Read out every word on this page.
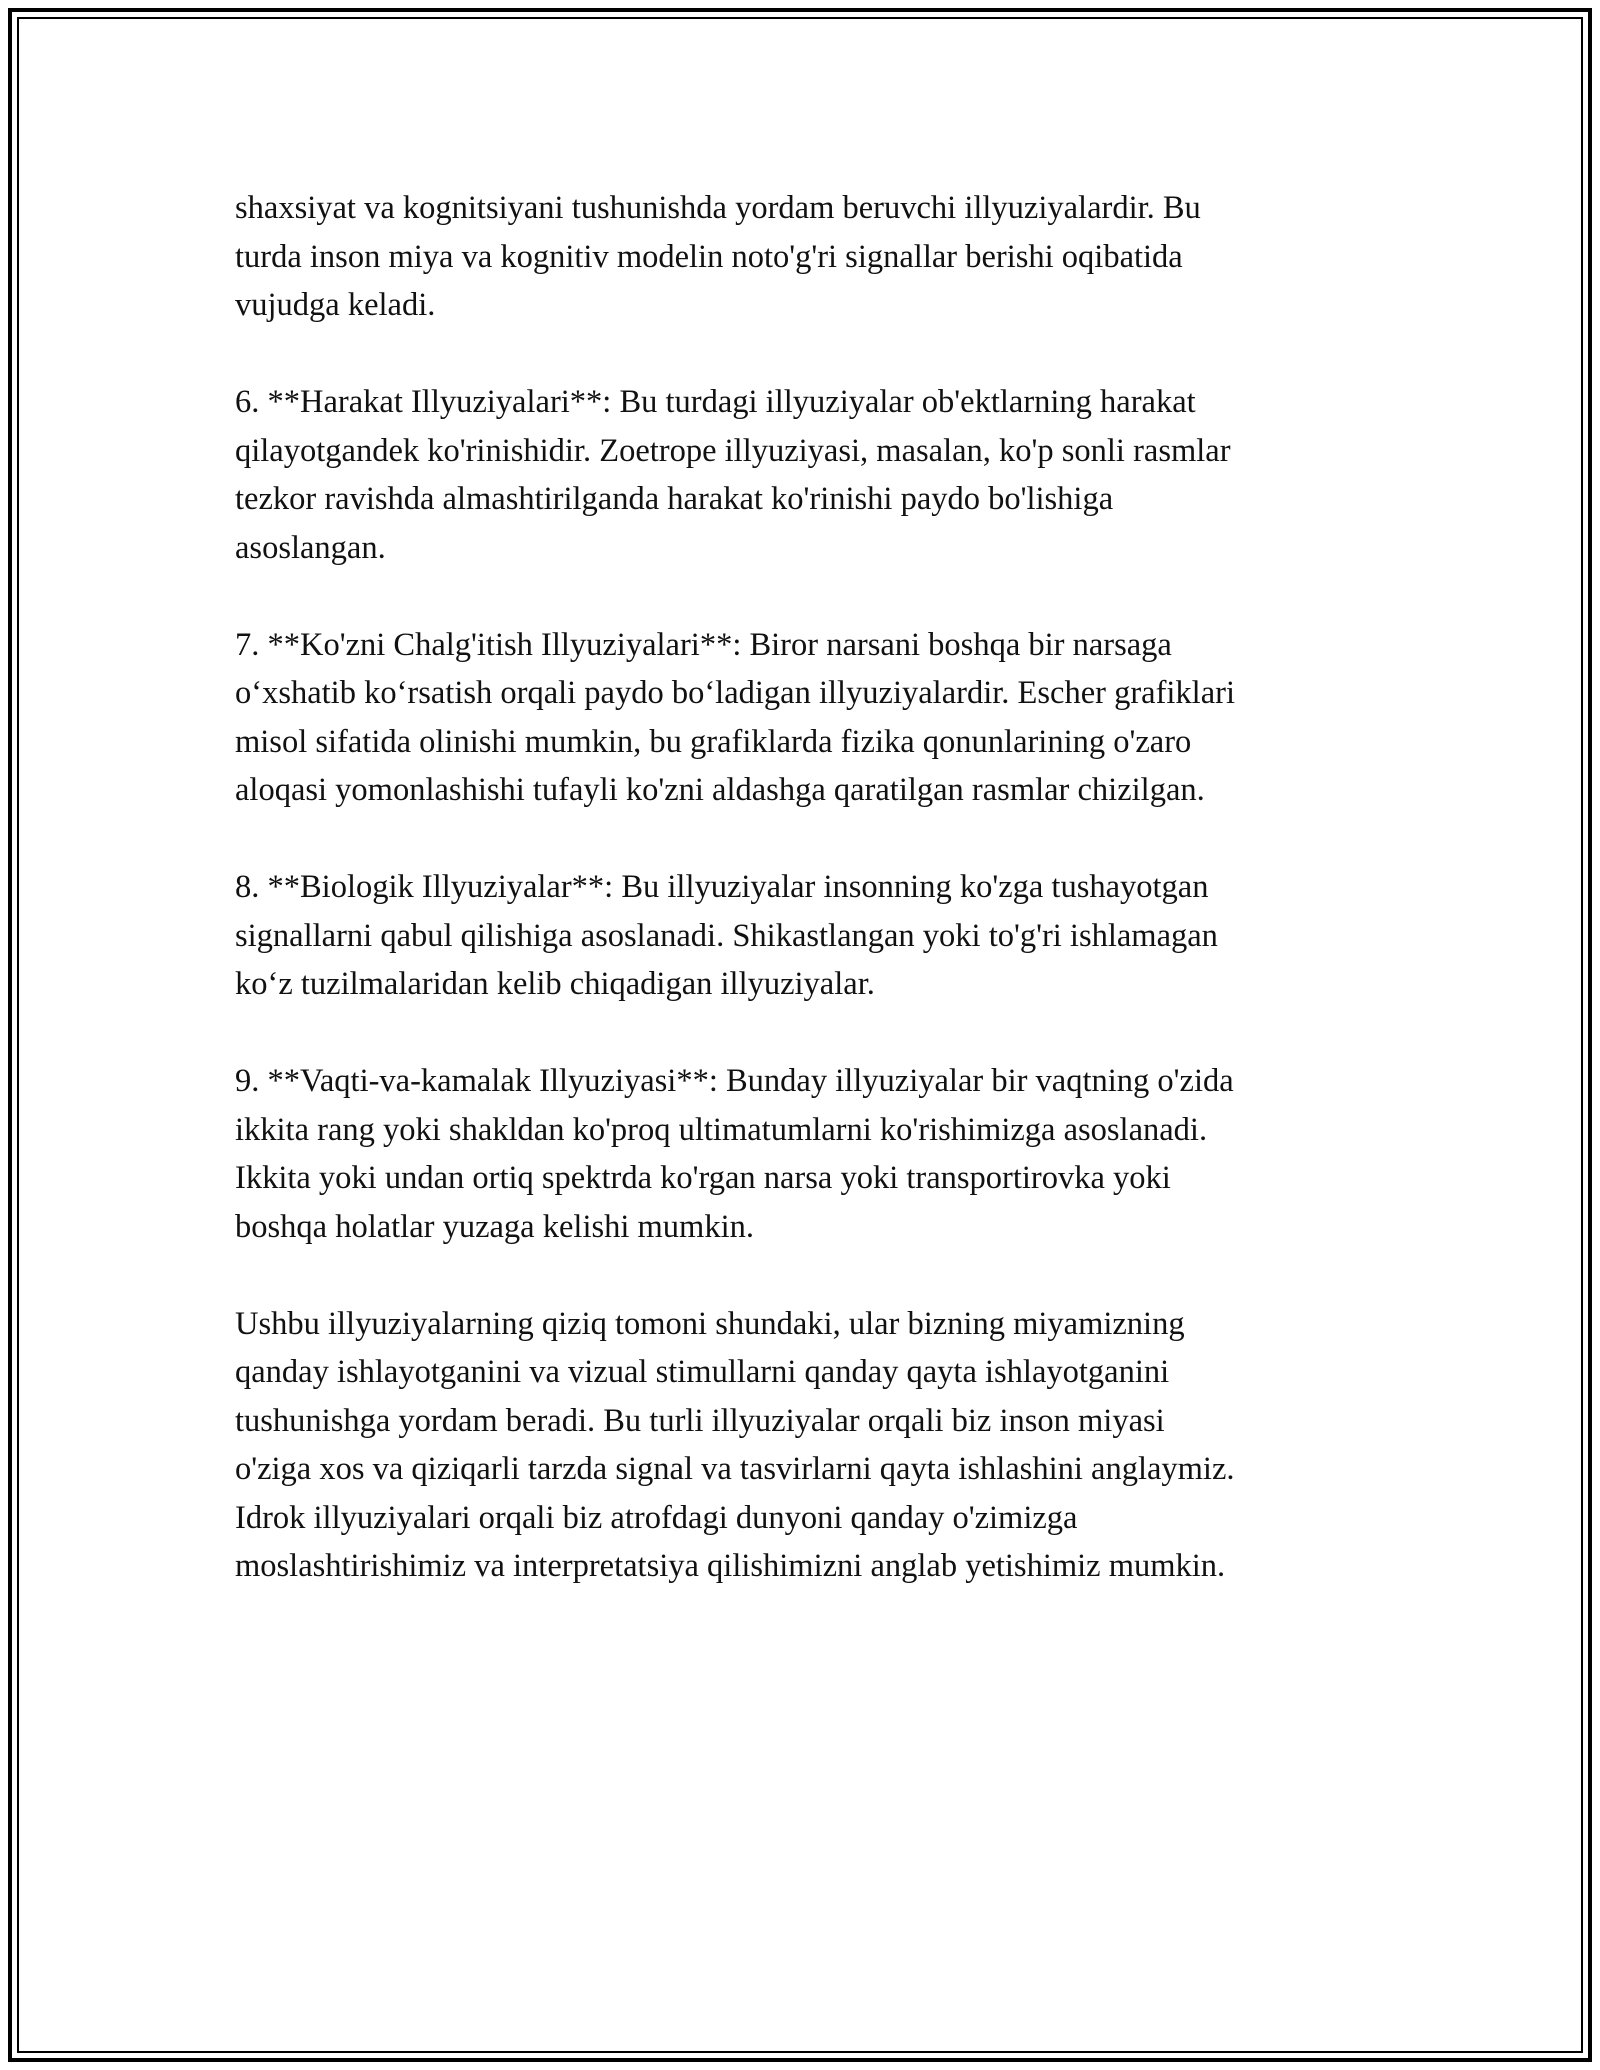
shaxsiyat va kognitsiyani tushunishda yordam beruvchi illyuziyalardir. Bu
turda inson miya va kognitiv modelin noto'g'ri signallar berishi oqibatida
vujudga keladi.

6. **Harakat Illyuziyalari**: Bu turdagi illyuziyalar ob'ektlarning harakat
qilayotgandek ko'rinishidir. Zoetrope illyuziyasi, masalan, ko'p sonli rasmlar
tezkor ravishda almashtirilganda harakat ko'rinishi paydo bo'lishiga
asoslangan.

7. **Ko'zni Chalg'itish Illyuziyalari**: Biror narsani boshqa bir narsaga
o‘xshatib ko‘rsatish orqali paydo bo‘ladigan illyuziyalardir. Escher grafiklari
misol sifatida olinishi mumkin, bu grafiklarda fizika qonunlarining o'zaro
aloqasi yomonlashishi tufayli ko'zni aldashga qaratilgan rasmlar chizilgan.

8. **Biologik Illyuziyalar**: Bu illyuziyalar insonning ko'zga tushayotgan
signallarni qabul qilishiga asoslanadi. Shikastlangan yoki to'g'ri ishlamagan
ko‘z tuzilmalaridan kelib chiqadigan illyuziyalar.

9. **Vaqti-va-kamalak Illyuziyasi**: Bunday illyuziyalar bir vaqtning o'zida
ikkita rang yoki shakldan ko'proq ultimatumlarni ko'rishimizga asoslanadi.
Ikkita yoki undan ortiq spektrda ko'rgan narsa yoki transportirovka yoki
boshqa holatlar yuzaga kelishi mumkin.

Ushbu illyuziyalarning qiziq tomoni shundaki, ular bizning miyamizning
qanday ishlayotganini va vizual stimullarni qanday qayta ishlayotganini
tushunishga yordam beradi. Bu turli illyuziyalar orqali biz inson miyasi
o'ziga xos va qiziqarli tarzda signal va tasvirlarni qayta ishlashini anglaymiz.
Idrok illyuziyalari orqali biz atrofdagi dunyoni qanday o'zimizga
moslashtirishimiz va interpretatsiya qilishimizni anglab yetishimiz mumkin.
